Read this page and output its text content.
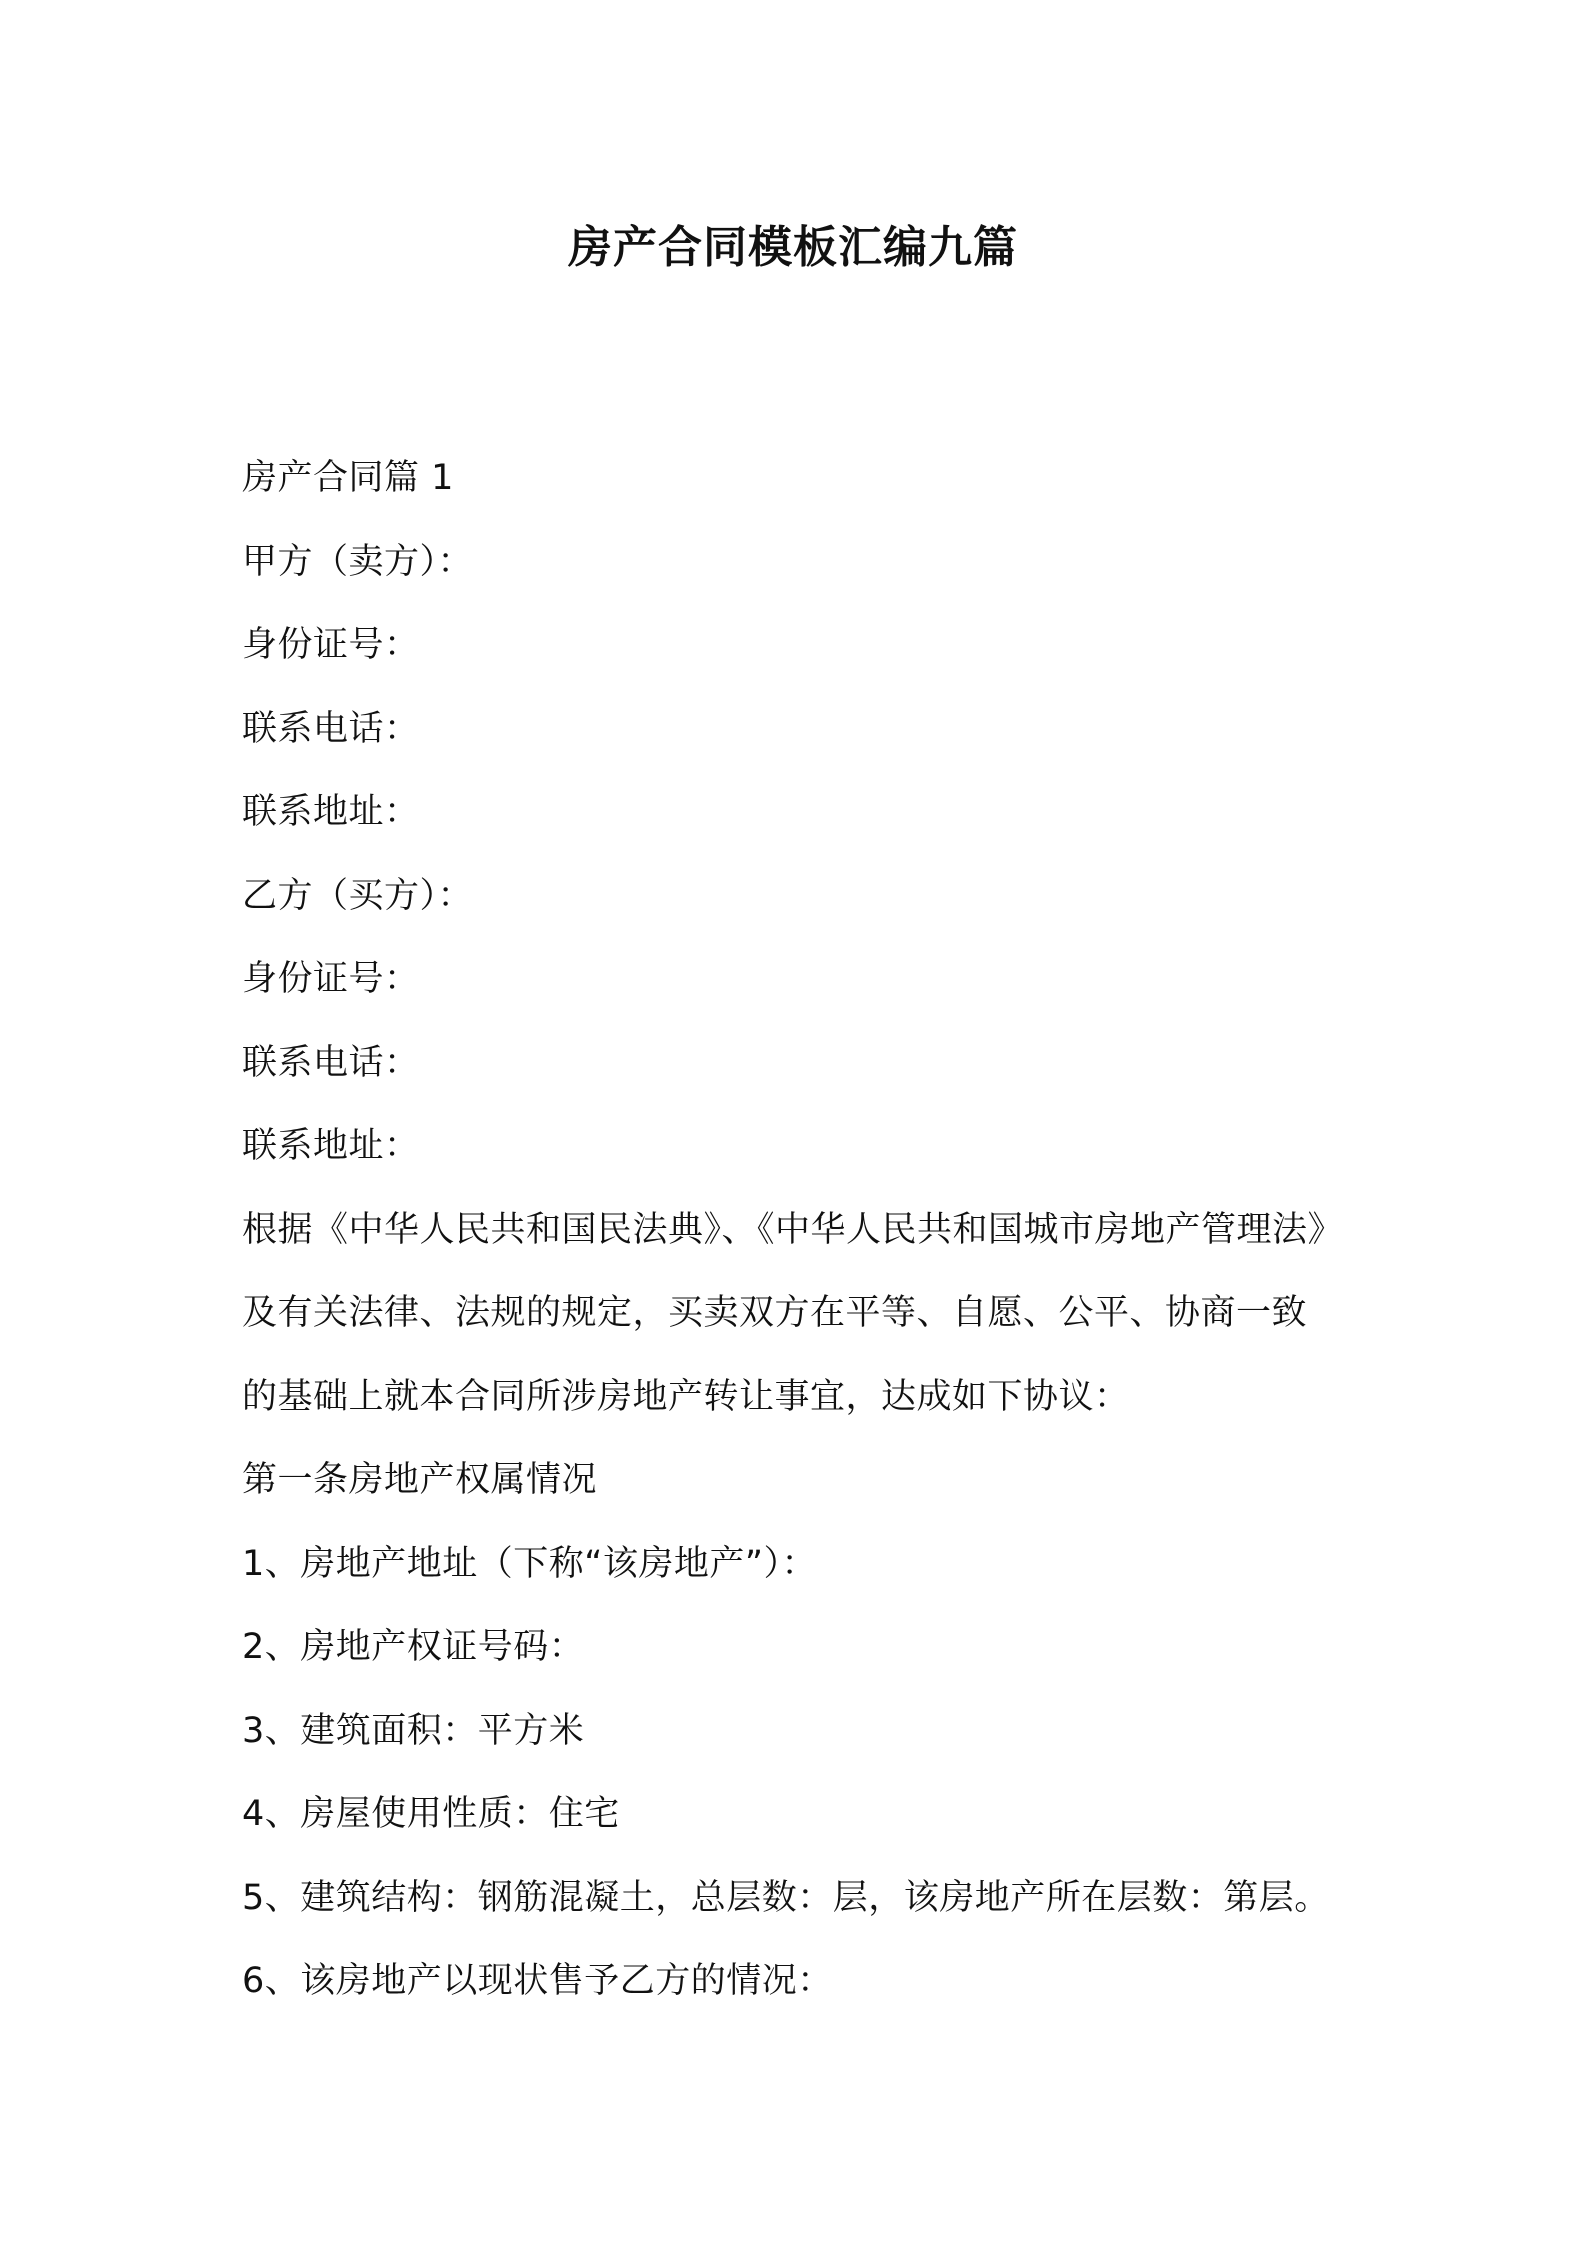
房产合同模板汇编九篇
房产合同篇 1
甲方（卖方）：
身份证号：
联系电话：
联系地址：
乙方（买方）：
身份证号：
联系电话：
联系地址：
根据《中华人民共和国民法典》、《中华人民共和国城市房地产管理法》
及有关法律、法规的规定，买卖双方在平等、自愿、公平、协商一致
的基础上就本合同所涉房地产转让事宜，达成如下协议：
第一条房地产权属情况
1、房地产地址（下称“该房地产”）：
2、房地产权证号码：
3、建筑面积：平方米
4、房屋使用性质：住宅
5、建筑结构：钢筋混凝土，总层数：层，该房地产所在层数：第层。
6、该房地产以现状售予乙方的情况：
